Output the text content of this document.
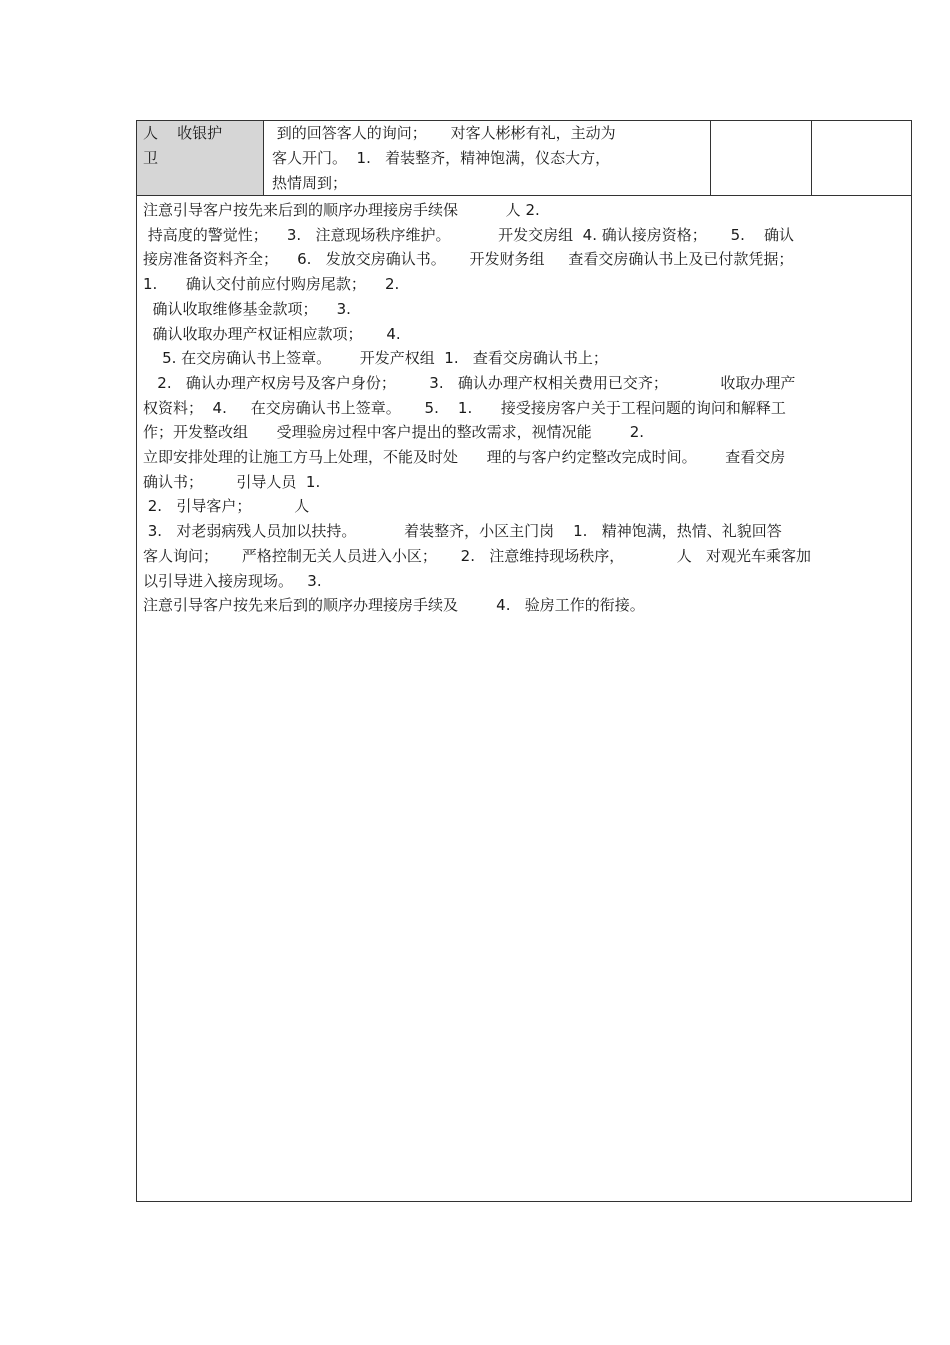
人    收银护
卫
到的回答客人的询问；     对客人彬彬有礼，主动为
客人开门。  1.   着装整齐，精神饱满，仪态大方，
热情周到；
注意引导客户按先来后到的顺序办理接房手续保          人 2.
持高度的警觉性；    3.   注意现场秩序维护。          开发交房组  4. 确认接房资格；     5.    确认
接房准备资料齐全；    6.   发放交房确认书。     开发财务组     查看交房确认书上及已付款凭据；
1.      确认交付前应付购房尾款；    2.
确认收取维修基金款项；    3.
确认收取办理产权证相应款项；     4.
5. 在交房确认书上签章。      开发产权组  1.   查看交房确认书上；
2.   确认办理产权房号及客户身份；       3.   确认办理产权相关费用已交齐；           收取办理产
权资料；  4.     在交房确认书上签章。     5.    1.      接受接房客户关于工程问题的询问和解释工
作；开发整改组      受理验房过程中客户提出的整改需求，视情况能        2.
立即安排处理的让施工方马上处理，不能及时处      理的与客户约定整改完成时间。      查看交房
确认书；       引导人员  1.
2.   引导客户；         人
3.   对老弱病残人员加以扶持。          着装整齐，小区主门岗    1.   精神饱满，热情、礼貌回答
客人询问；     严格控制无关人员进入小区；     2.   注意维持现场秩序，           人   对观光车乘客加
以引导进入接房现场。   3.
注意引导客户按先来后到的顺序办理接房手续及        4.   验房工作的衔接。
